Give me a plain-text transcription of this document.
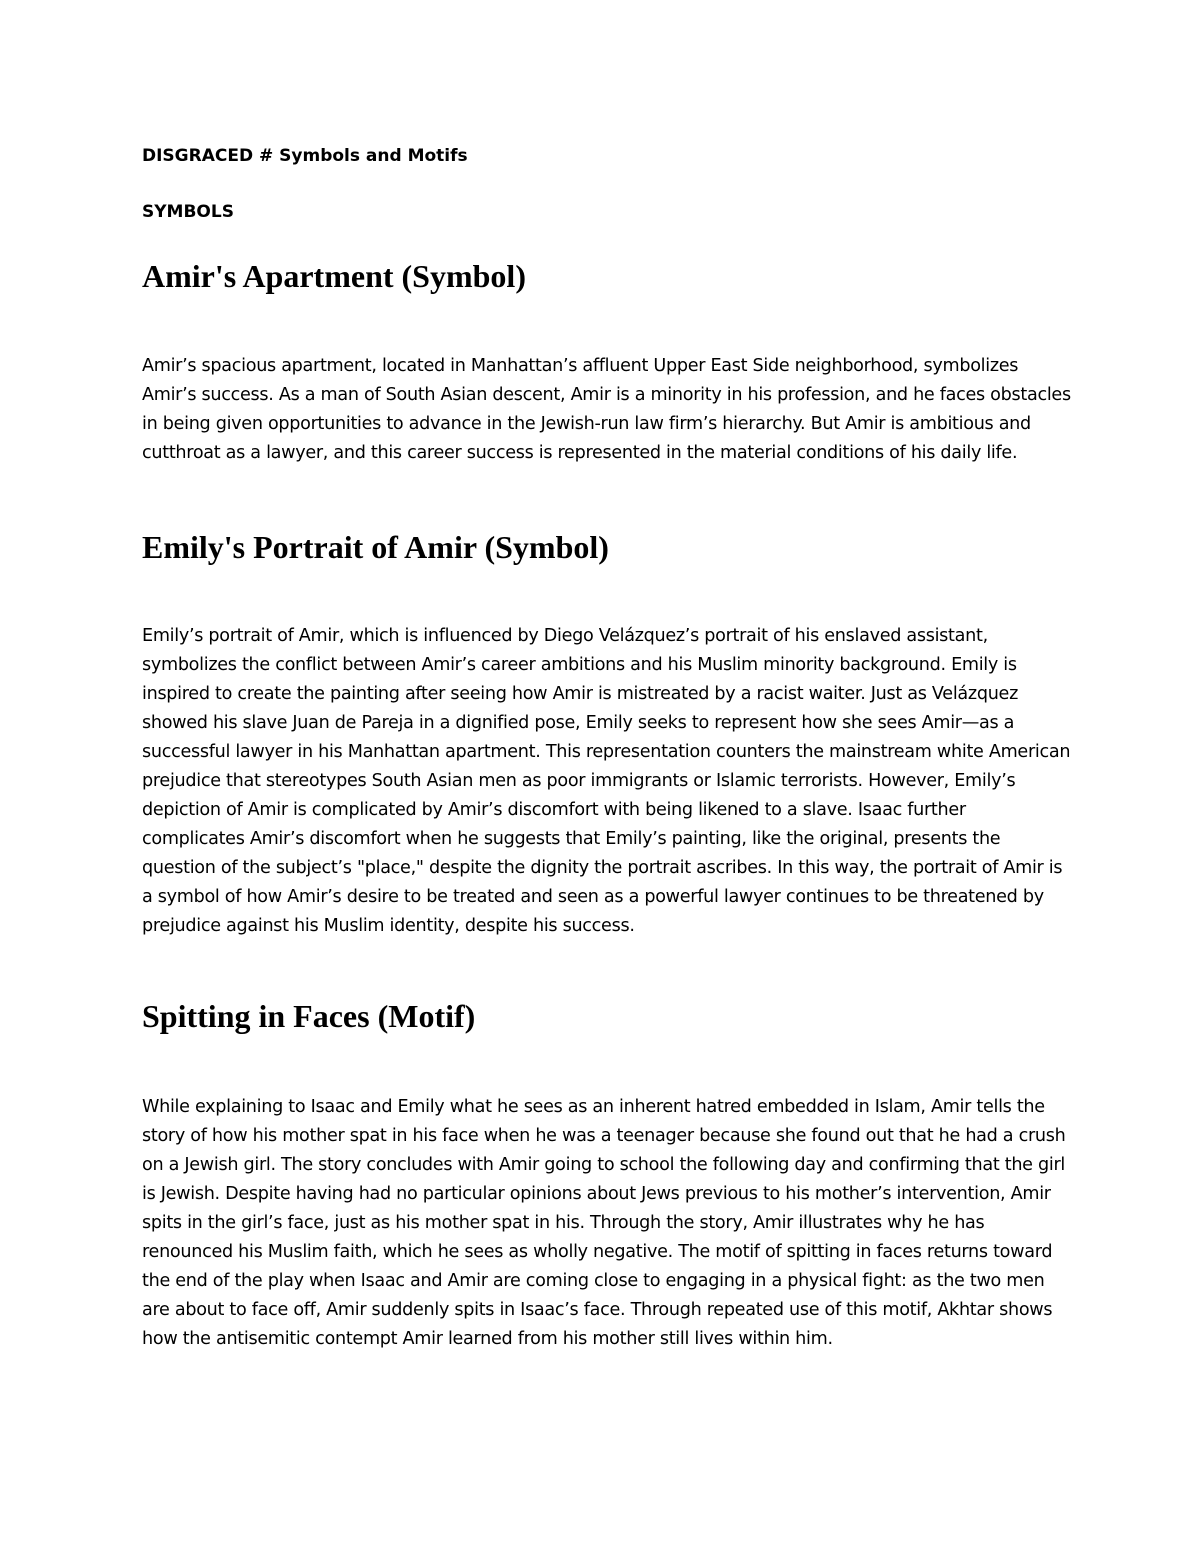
DISGRACED # Symbols and Motifs

SYMBOLS

Amir's Apartment (Symbol)

Amir’s spacious apartment, located in Manhattan’s affluent Upper East Side neighborhood, symbolizes Amir’s success. As a man of South Asian descent, Amir is a minority in his profession, and he faces obstacles in being given opportunities to advance in the Jewish-run law firm’s hierarchy. But Amir is ambitious and cutthroat as a lawyer, and this career success is represented in the material conditions of his daily life.

Emily's Portrait of Amir (Symbol)

Emily’s portrait of Amir, which is influenced by Diego Velázquez’s portrait of his enslaved assistant, symbolizes the conflict between Amir’s career ambitions and his Muslim minority background. Emily is inspired to create the painting after seeing how Amir is mistreated by a racist waiter. Just as Velázquez showed his slave Juan de Pareja in a dignified pose, Emily seeks to represent how she sees Amir—as a successful lawyer in his Manhattan apartment. This representation counters the mainstream white American prejudice that stereotypes South Asian men as poor immigrants or Islamic terrorists. However, Emily’s depiction of Amir is complicated by Amir’s discomfort with being likened to a slave. Isaac further complicates Amir’s discomfort when he suggests that Emily’s painting, like the original, presents the question of the subject’s "place," despite the dignity the portrait ascribes. In this way, the portrait of Amir is a symbol of how Amir’s desire to be treated and seen as a powerful lawyer continues to be threatened by prejudice against his Muslim identity, despite his success.

Spitting in Faces (Motif)

While explaining to Isaac and Emily what he sees as an inherent hatred embedded in Islam, Amir tells the story of how his mother spat in his face when he was a teenager because she found out that he had a crush on a Jewish girl. The story concludes with Amir going to school the following day and confirming that the girl is Jewish. Despite having had no particular opinions about Jews previous to his mother’s intervention, Amir spits in the girl’s face, just as his mother spat in his. Through the story, Amir illustrates why he has renounced his Muslim faith, which he sees as wholly negative. The motif of spitting in faces returns toward the end of the play when Isaac and Amir are coming close to engaging in a physical fight: as the two men are about to face off, Amir suddenly spits in Isaac’s face. Through repeated use of this motif, Akhtar shows how the antisemitic contempt Amir learned from his mother still lives within him.
